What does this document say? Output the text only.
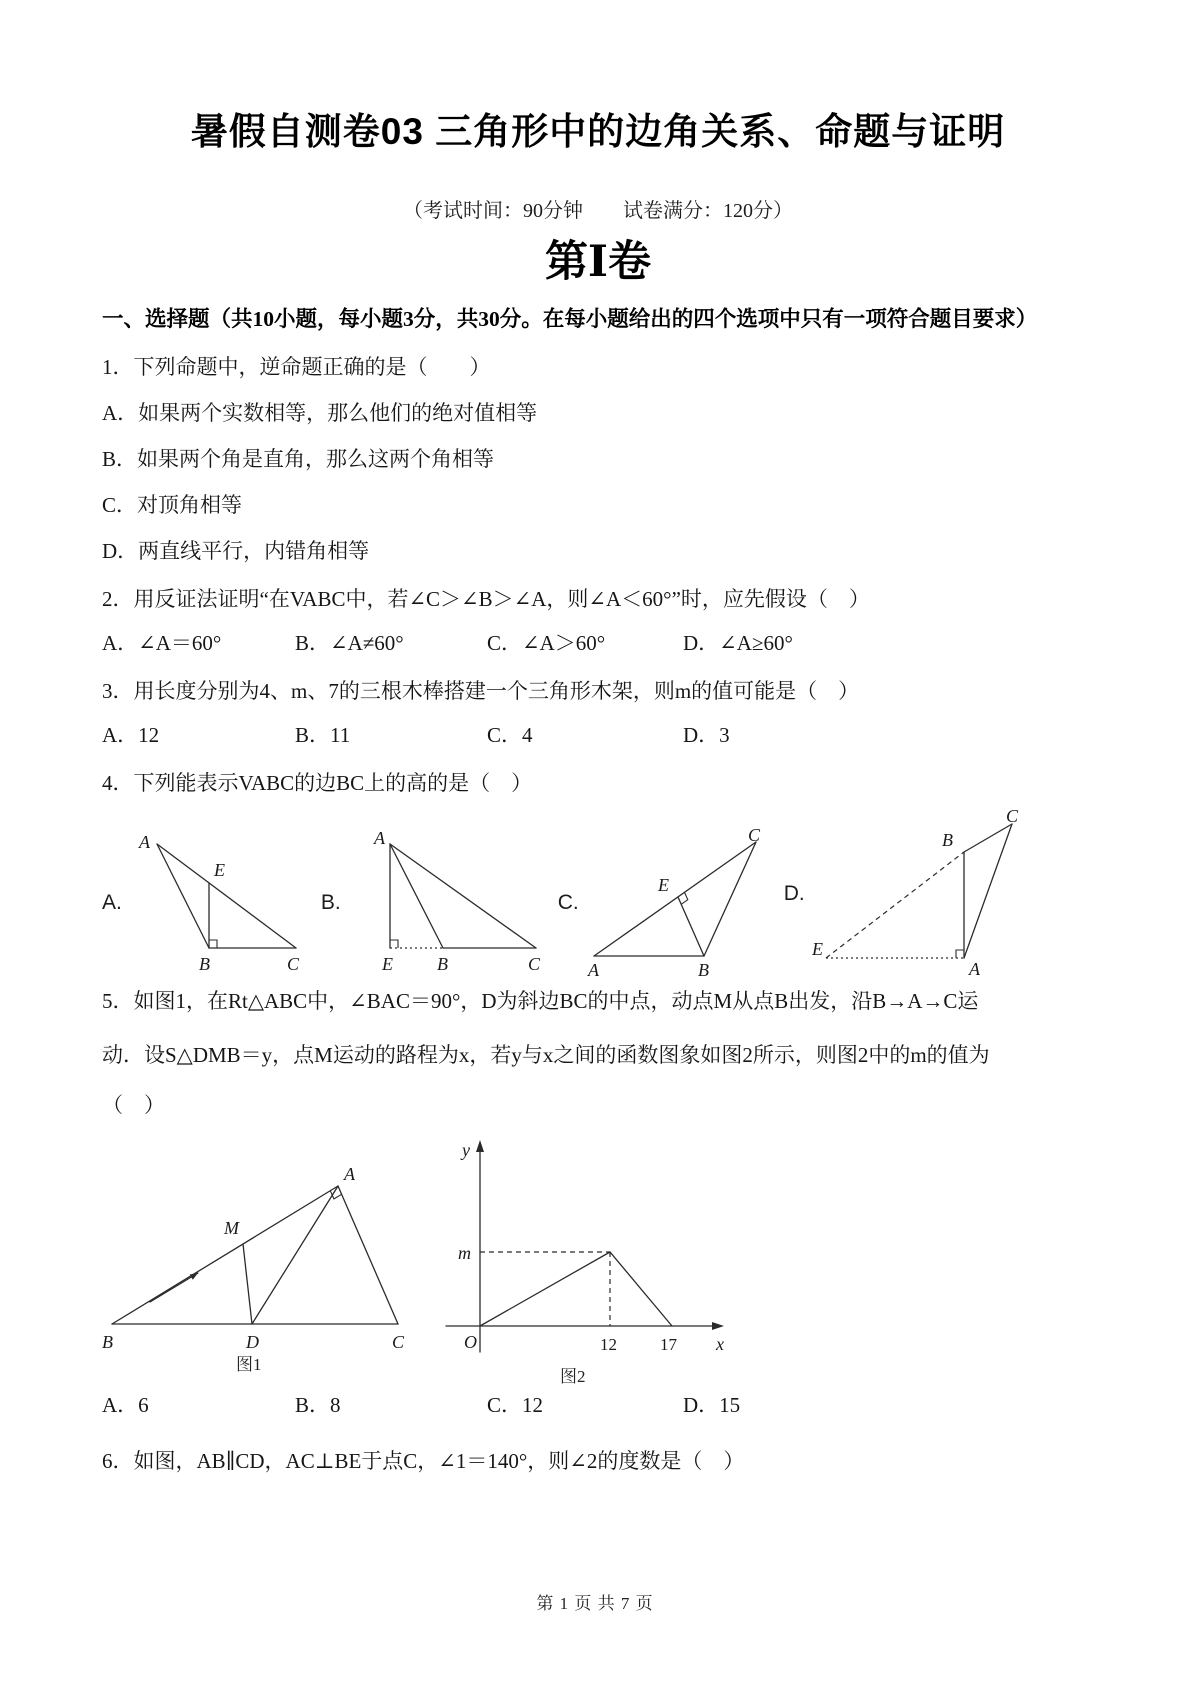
暑假自测卷03 三角形中的边角关系、命题与证明
（考试时间：90分钟　　试卷满分：120分）
第Ⅰ卷
一、选择题（共10小题，每小题3分，共30分。在每小题给出的四个选项中只有一项符合题目要求）
1．下列命题中，逆命题正确的是（　　）
A．如果两个实数相等，那么他们的绝对值相等
B．如果两个角是直角，那么这两个角相等
C．对顶角相等
D．两直线平行，内错角相等
2．用反证法证明“在VABC中，若∠C＞∠B＞∠A，则∠A＜60°”时，应先假设（　）
A．∠A＝60°	B．∠A≠60°	C．∠A＞60°	D．∠A≥60°
3．用长度分别为4、m、7的三根木棒搭建一个三角形木架，则m的值可能是（　）
A．12	B．11	C．4	D．3
4．下列能表示VABC的边BC上的高的是（　）
A.
A
E
B	C
B.
A
E B	C
C.
C
E
A	B
D.
C
B
E
A
5．如图1，在Rt△ABC中，∠BAC＝90°，D为斜边BC的中点，动点M从点B出发，沿B→A→C运
动．设S△DMB＝y，点M运动的路程为x，若y与x之间的函数图象如图2所示，则图2中的m的值为
（　）
A
M
B	D	C
图1
y
m
O	12	17 x
图2
A．6	B．8	C．12	D．15
6．如图，AB∥CD，AC⊥BE于点C，∠1＝140°，则∠2的度数是（　）
第 1 页 共 7 页
